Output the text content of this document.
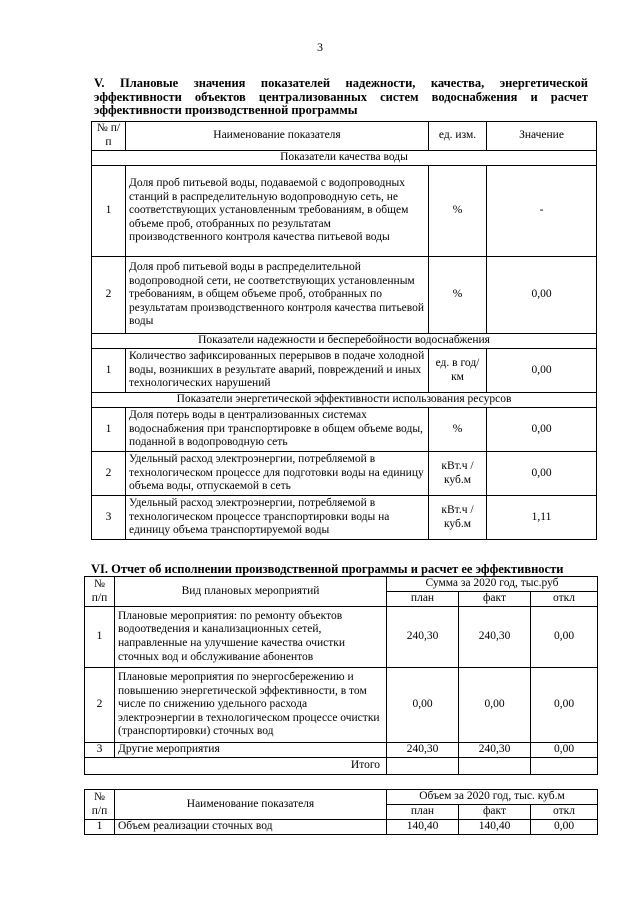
3
V. Плановые значения показателей надежности, качества, энергетической эффективности объектов централизованных систем водоснабжения и расчет эффективности производственной программы
№ п/п	Наименование показателя	ед. изм.	Значение
Показатели качества воды			
1	Доля проб питьевой воды, подаваемой с водопроводных станций в распределительную водопроводную сеть, не соответствующих установленным требованиям, в общем объеме проб, отобранных по результатам производственного контроля качества питьевой воды	%	-
2	Доля проб питьевой воды в распределительной водопроводной сети, не соответствующих установленным требованиям, в общем объеме проб, отобранных по результатам производственного контроля качества питьевой воды	%	0,00
Показатели надежности и бесперебойности водоснабжения			
1	Количество зафиксированных перерывов в подаче холодной воды, возникших в результате аварий, повреждений и иных технологических нарушений	ед. в год/ км	0,00
Показатели энергетической эффективности использования ресурсов			
1	Доля потерь воды в централизованных системах водоснабжения при транспортировке в общем объеме воды, поданной в водопроводную сеть	%	0,00
2	Удельный расход электроэнергии, потребляемой в технологическом процессе для подготовки воды на единицу объема воды, отпускаемой в сеть	кВт.ч / куб.м	0,00
3	Удельный расход электроэнергии, потребляемой в технологическом процессе транспортировки воды на единицу объема транспортируемой воды	кВт.ч / куб.м	1,11
VI. Отчет об исполнении производственной программы и расчет ее эффективности
№ п/п	Вид плановых мероприятий	Сумма за 2020 год, тыс.руб		
		план	факт	откл
1	Плановые мероприятия: по ремонту объектов водоотведения и канализационных сетей, направленные на улучшение качества очистки сточных вод и обслуживание абонентов	240,30	240,30	0,00
2	Плановые мероприятия по энергосбережению и повышению энергетической эффективности, в том числе по снижению удельного расхода электроэнергии в технологическом процессе очистки (транспортировки) сточных вод	0,00	0,00	0,00
3	Другие мероприятия	240,30	240,30	0,00
Итого				
№ п/п	Наименование показателя	Объем за 2020 год, тыс. куб.м		
		план	факт	откл
1	Объем реализации сточных вод	140,40	140,40	0,00
